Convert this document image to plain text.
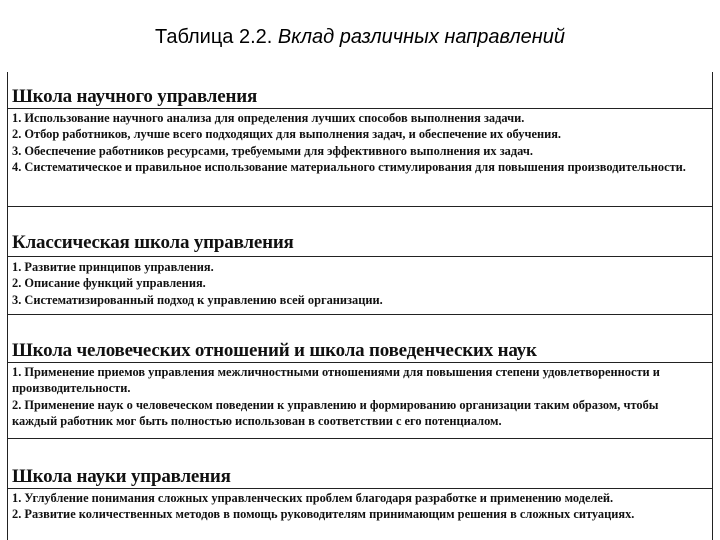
Таблица 2.2. Вклад различных направлений
Школа научного управления
1. Использование научного анализа для определения лучших способов выполнения задачи.
2. Отбор работников, лучше всего подходящих для выполнения задач, и обеспечение их обучения.
3. Обеспечение работников ресурсами, требуемыми для эффективного выполнения их задач.
4. Систематическое и правильное использование материального стимулирования для повышения производительности.
Классическая школа управления
1. Развитие принципов управления.
2. Описание функций управления.
3. Систематизированный подход к управлению всей организации.
Школа человеческих отношений и школа поведенческих наук
1. Применение приемов управления межличностными отношениями для повышения степени удовлетворенности и производительности.
2. Применение наук о человеческом поведении к управлению и формированию организации таким образом, чтобы каждый работник мог быть полностью использован в соответствии с его потенциалом.
Школа науки управления
1. Углубление понимания сложных управленческих проблем благодаря разработке и применению моделей.
2. Развитие количественных методов в помощь руководителям принимающим решения в сложных ситуациях.
